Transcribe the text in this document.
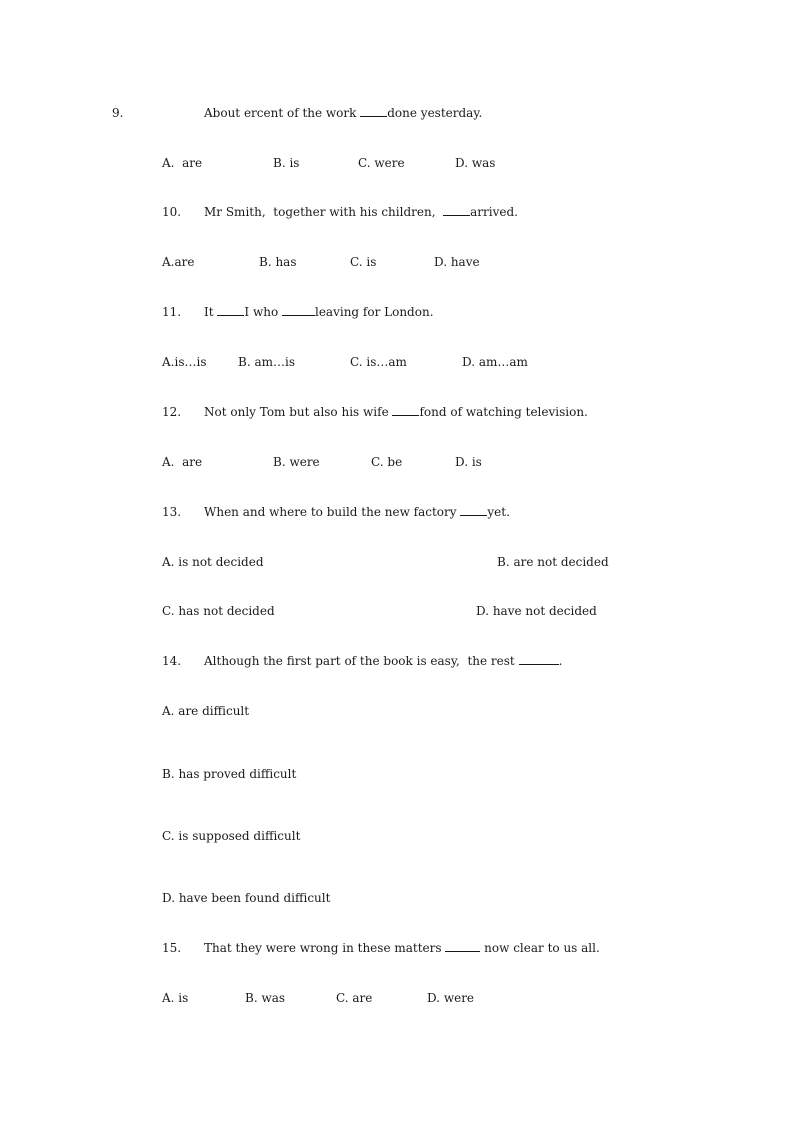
9.	About ercent of the work done yesterday.
A.  are	B. is	C. were	D. was
10. Mr Smith,  together with his children,  arrived.
A.are	B. has	C. is	D. have
11. It I who	leaving for London.
A.is…is	B. am…is	C. is…am	D. am…am
12. Not only Tom but also his wife fond of watching television.
A.  are	B. were	C. be	D. is
13. When and where to build the new factory yet.
A. is not decided	B. are not decided
C. has not decided	D. have not decided
14. Although the first part of the book is easy,  the rest	.
A. are difficult
B. has proved difficult
C. is supposed difficult
D. have been found difficult
15. That they were wrong in these matters	now clear to us all.
A. is	B. was	C. are	D. were
